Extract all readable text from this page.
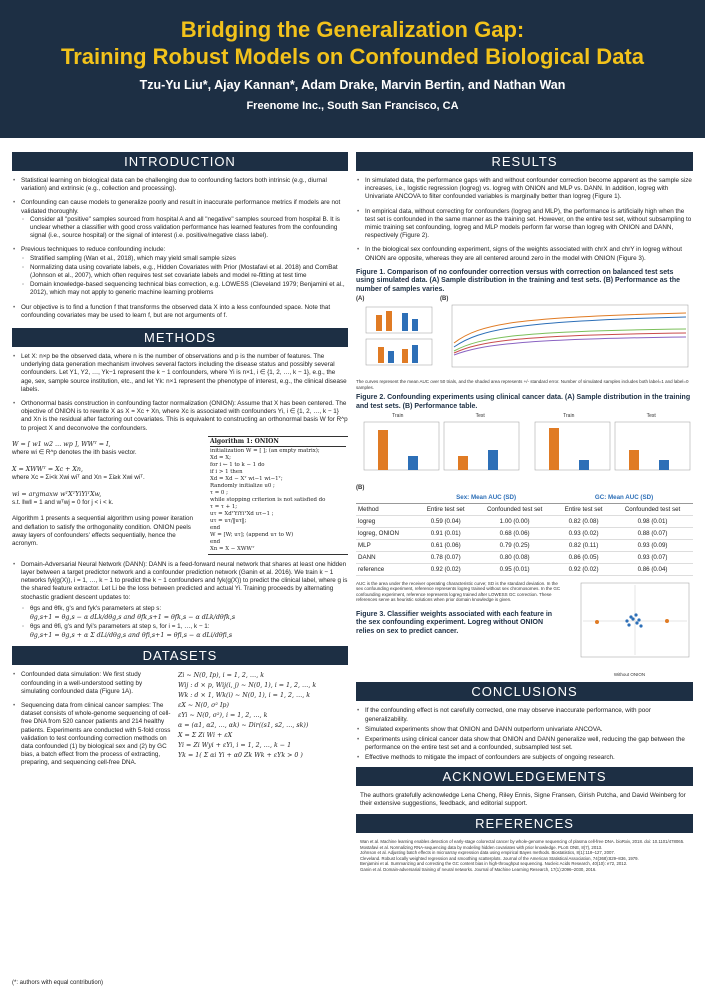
Bridging the Generalization Gap:
Training Robust Models on Confounded Biological Data
Tzu-Yu Liu*, Ajay Kannan*, Adam Drake, Marvin Bertin, and Nathan Wan
Freenome Inc., South San Francisco, CA
INTRODUCTION
• Statistical learning on biological data can be challenging due to confounding factors both intrinsic (e.g., diurnal variation) and extrinsic (e.g., collection and processing).
• Confounding can cause models to generalize poorly and result in inaccurate performance metrics if models are not validated thoroughly.
◦ Consider all "positive" samples sourced from hospital A and all "negative" samples sourced from hospital B. It is unclear whether a classifier with good cross validation performance has learned features from the confounding signal (i.e., source hospital) or the signal of interest (i.e. positive/negative class label).
• Previous techniques to reduce confounding include:
◦ Stratified sampling (Wan et al., 2018), which may yield small sample sizes
◦ Normalizing data using covariate labels, e.g., Hidden Covariates with Prior (Mostafavi et al. 2018) and ComBat (Johnson et al., 2007), which often requires test set covariate labels and model re-fitting at test time
◦ Domain knowledge-based sequencing technical bias correction, e.g. LOWESS (Cleveland 1979; Benjamini et al., 2012), which may not apply to generic machine learning problems
• Our objective is to find a function f that transforms the observed data X into a less confounded space. Note that confounding covariates may be used to learn f, but are not arguments of f.
METHODS
• Let X: n×p be the observed data, where n is the number of observations and p is the number of features. The underlying data generation mechanism involves several factors including the disease status and possibly several confounders. Let Y1, Y2, …, Yk−1 represent the k − 1 confounders, where Yi is n×1, i ∈ {1, 2, …, k − 1}, e.g., the age, sex, sample source institution, etc., and let Yk: n×1 represent the phenotype of interest, e.g., the clinical disease labels.
• Orthonormal basis construction in confounding factor normalization (ONION): Assume that X has been centered. The objective of ONION is to rewrite X as X = Xc + Xn, where Xc is associated with confounders Yi, i ∈ {1, 2, …, k − 1} and Xn is the residual after factoring out covariates. This is equivalent to constructing an orthonormal basis W for R^p to project X and deconvolve the confounders.
W = [ w1 w2 … wp ], WWᵀ = I,
where wi ∈ R^p denotes the ith basis vector.
X = XWWᵀ = Xc + Xn,
where Xc = Σi<k Xwi wiᵀ and Xn = Σi≥k Xwi wiᵀ.
wi = argmaxw wᵀXᵀYiYiᵀXw,
s.t. ‖w‖ = 1 and wᵀwj = 0 for j < i < k.
Algorithm 1 presents a sequential algorithm using power iteration and deflation to satisfy the orthogonality condition. ONION peels away layers of confounders' effects sequentially, hence the acronym.
Algorithm 1: ONION
initialization W = [ ]; (an empty matrix);
Xd = X;
for i ← 1 to k − 1 do
if i > 1 then
Xd = Xd − Xᵀ wi−1 wi−1ᵀ;
Randomly initialize u0 ;
τ = 0 ;
while stopping criterion is not satisfied do
τ = τ + 1;
uτ = XdᵀYiYiᵀXd uτ−1 ;
uτ = uτ/‖uτ‖;
end
W = [W; uτ]; (append uτ to W)
end
Xn = X − XWWᵀ
• Domain-Adversarial Neural Network (DANN): DANN is a feed-forward neural network that shares at least one hidden layer between a target predictor network and a confounder prediction network (Ganin et al. 2016). We train k − 1 networks fyi(g(X)), i = 1, …, k − 1 to predict the k − 1 confounders and fyk(g(X)) to predict the clinical label, where g is the shared feature extractor. Let Li be the loss between predicted and actual Yi. Training proceeds by alternating stochastic gradient descent updates to:
◦ θgs and θfk, g's and fyk's parameters at step s:
θg,s+1 = θg,s − α dLk/dθg,s and θfk,s+1 = θfk,s − α dLk/dθfk,s
◦ θgs and θfi, g's and fyi's parameters at step s, for i = 1, …, k − 1:
θg,s+1 = θg,s + α Σ dLi/dθg,s and θfi,s+1 = θfi,s − α dLi/dθfi,s
DATASETS
• Confounded data simulation: We first study confounding in a well-understood setting by simulating confounded data (Figure 1A).
• Sequencing data from clinical cancer samples: The dataset consists of whole-genome sequencing of cell-free DNA from 520 cancer patients and 214 healthy patients. Experiments are conducted with 5-fold cross validation to test confounding correction methods on data confounded (1) by biological sex and (2) by GC bias, a batch effect from the process of extracting, preparing, and sequencing cell-free DNA.
Zi ~ N(0, Ip), i = 1, 2, …, k
Wij : d × p, Wij(i, j) ~ N(0, 1), i = 1, 2, …, k
Wk : d × 1, Wk(i) ~ N(0, 1), i = 1, 2, …, k
εX ~ N(0, σ² Ip)
εYi ~ N(0, σ²), i = 1, 2, …, k
α = (α1, α2, …, αk) ~ Dir((s1, s2, …, sk))
X = Σ Zi Wi + εX
Yi = Zi Wyi + εYi, i = 1, 2, …, k − 1
Yk = 1( Σ αi Yi + α0 Zk Wk + εYk > 0 )
RESULTS
• In simulated data, the performance gaps with and without confounder correction become apparent as the sample size increases, i.e., logistic regression (logreg) vs. logreg with ONION and MLP vs. DANN. In addition, logreg with Univariate ANCOVA to filter confounded variables is marginally better than logreg (Figure 1).
• In empirical data, without correcting for confounders (logreg and MLP), the performance is artificially high when the test set is confounded in the same manner as the training set. However, on the entire test set, without subsampling to mimic training set confounding, logreg and MLP models perform far worse than logreg with ONION and DANN, respectively (Figure 2).
• In the biological sex confounding experiment, signs of the weights associated with chrX and chrY in logreg without ONION are opposite, whereas they are all centered around zero in the model with ONION (Figure 3).
Figure 1. Comparison of no confounder correction versus with correction on balanced test sets using simulated data. (A) Sample distribution in the training and test sets. (B) Performance as the number of samples varies.
(A)	(B)
The curves represent the mean AUC over 50 trials, and the shaded area represents +/- standard error. Number of simulated samples includes both label=1 and label=0 samples.
Figure 2. Confounding experiments using clinical cancer data. (A) Sample distribution in the training and test sets. (B) Performance table.
Train	Test	Train	Test
(B)
	Sex: Mean AUC (SD)		GC: Mean AUC (SD)	
Method	Entire test set	Confounded test set	Entire test set	Confounded test set
logreg	0.59 (0.04)	1.00 (0.00)	0.82 (0.08)	0.98 (0.01)
logreg, ONION	0.91 (0.01)	0.68 (0.06)	0.93 (0.02)	0.88 (0.07)
MLP	0.61 (0.06)	0.79 (0.25)	0.82 (0.11)	0.93 (0.09)
DANN	0.78 (0.07)	0.80 (0.08)	0.86 (0.05)	0.93 (0.07)
reference	0.92 (0.02)	0.95 (0.01)	0.92 (0.02)	0.86 (0.04)
AUC is the area under the receiver operating characteristic curve; SD is the standard deviation. In the sex confounding experiment, reference represents logreg trained without sex chromosomes. In the GC confounding experiment, reference represents logreg trained after LOWESS GC correction. These references serve as heuristic solutions when prior domain knowledge is given.
Figure 3. Classifier weights associated with each feature in the sex confounding experiment. Logreg without ONION relies on sex to predict cancer.
Without ONION
CONCLUSIONS
• If the confounding effect is not carefully corrected, one may observe inaccurate performance, with poor generalizability.
• Simulated experiments show that ONION and DANN outperform univariate ANCOVA.
• Experiments using clinical cancer data show that ONION and DANN generalize well, reducing the gap between the performance on the entire test set and a confounded, subsampled test set.
• Effective methods to mitigate the impact of confounders are subjects of ongoing research.
ACKNOWLEDGEMENTS
The authors gratefully acknowledge Lena Cheng, Riley Ennis, Signe Fransen, Girish Putcha, and David Weinberg for their extensive suggestions, feedback, and editorial support.
REFERENCES
Wan et al. Machine learning enables detection of early-stage colorectal cancer by whole-genome sequencing of plasma cell-free DNA. bioRxiv, 2018. doi: 10.1101/478065.
Mostafavi et al. Normalizing RNA-sequencing data by modeling hidden covariates with prior knowledge. PLoS ONE, 8(7), 2013.
Johnson et al. Adjusting batch effects in microarray expression data using empirical Bayes methods. Biostatistics, 8(1):118–127, 2007.
Cleveland. Robust locally weighted regression and smoothing scatterplots. Journal of the American Statistical Association, 74(368):829–836, 1979.
Benjamini et al. Summarizing and correcting the GC content bias in high-throughput sequencing. Nucleic Acids Research, 40(10): e72, 2012.
Ganin et al. Domain-adversarial training of neural networks. Journal of Machine Learning Research, 17(1):2096–2030, 2016.
(*: authors with equal contribution)
